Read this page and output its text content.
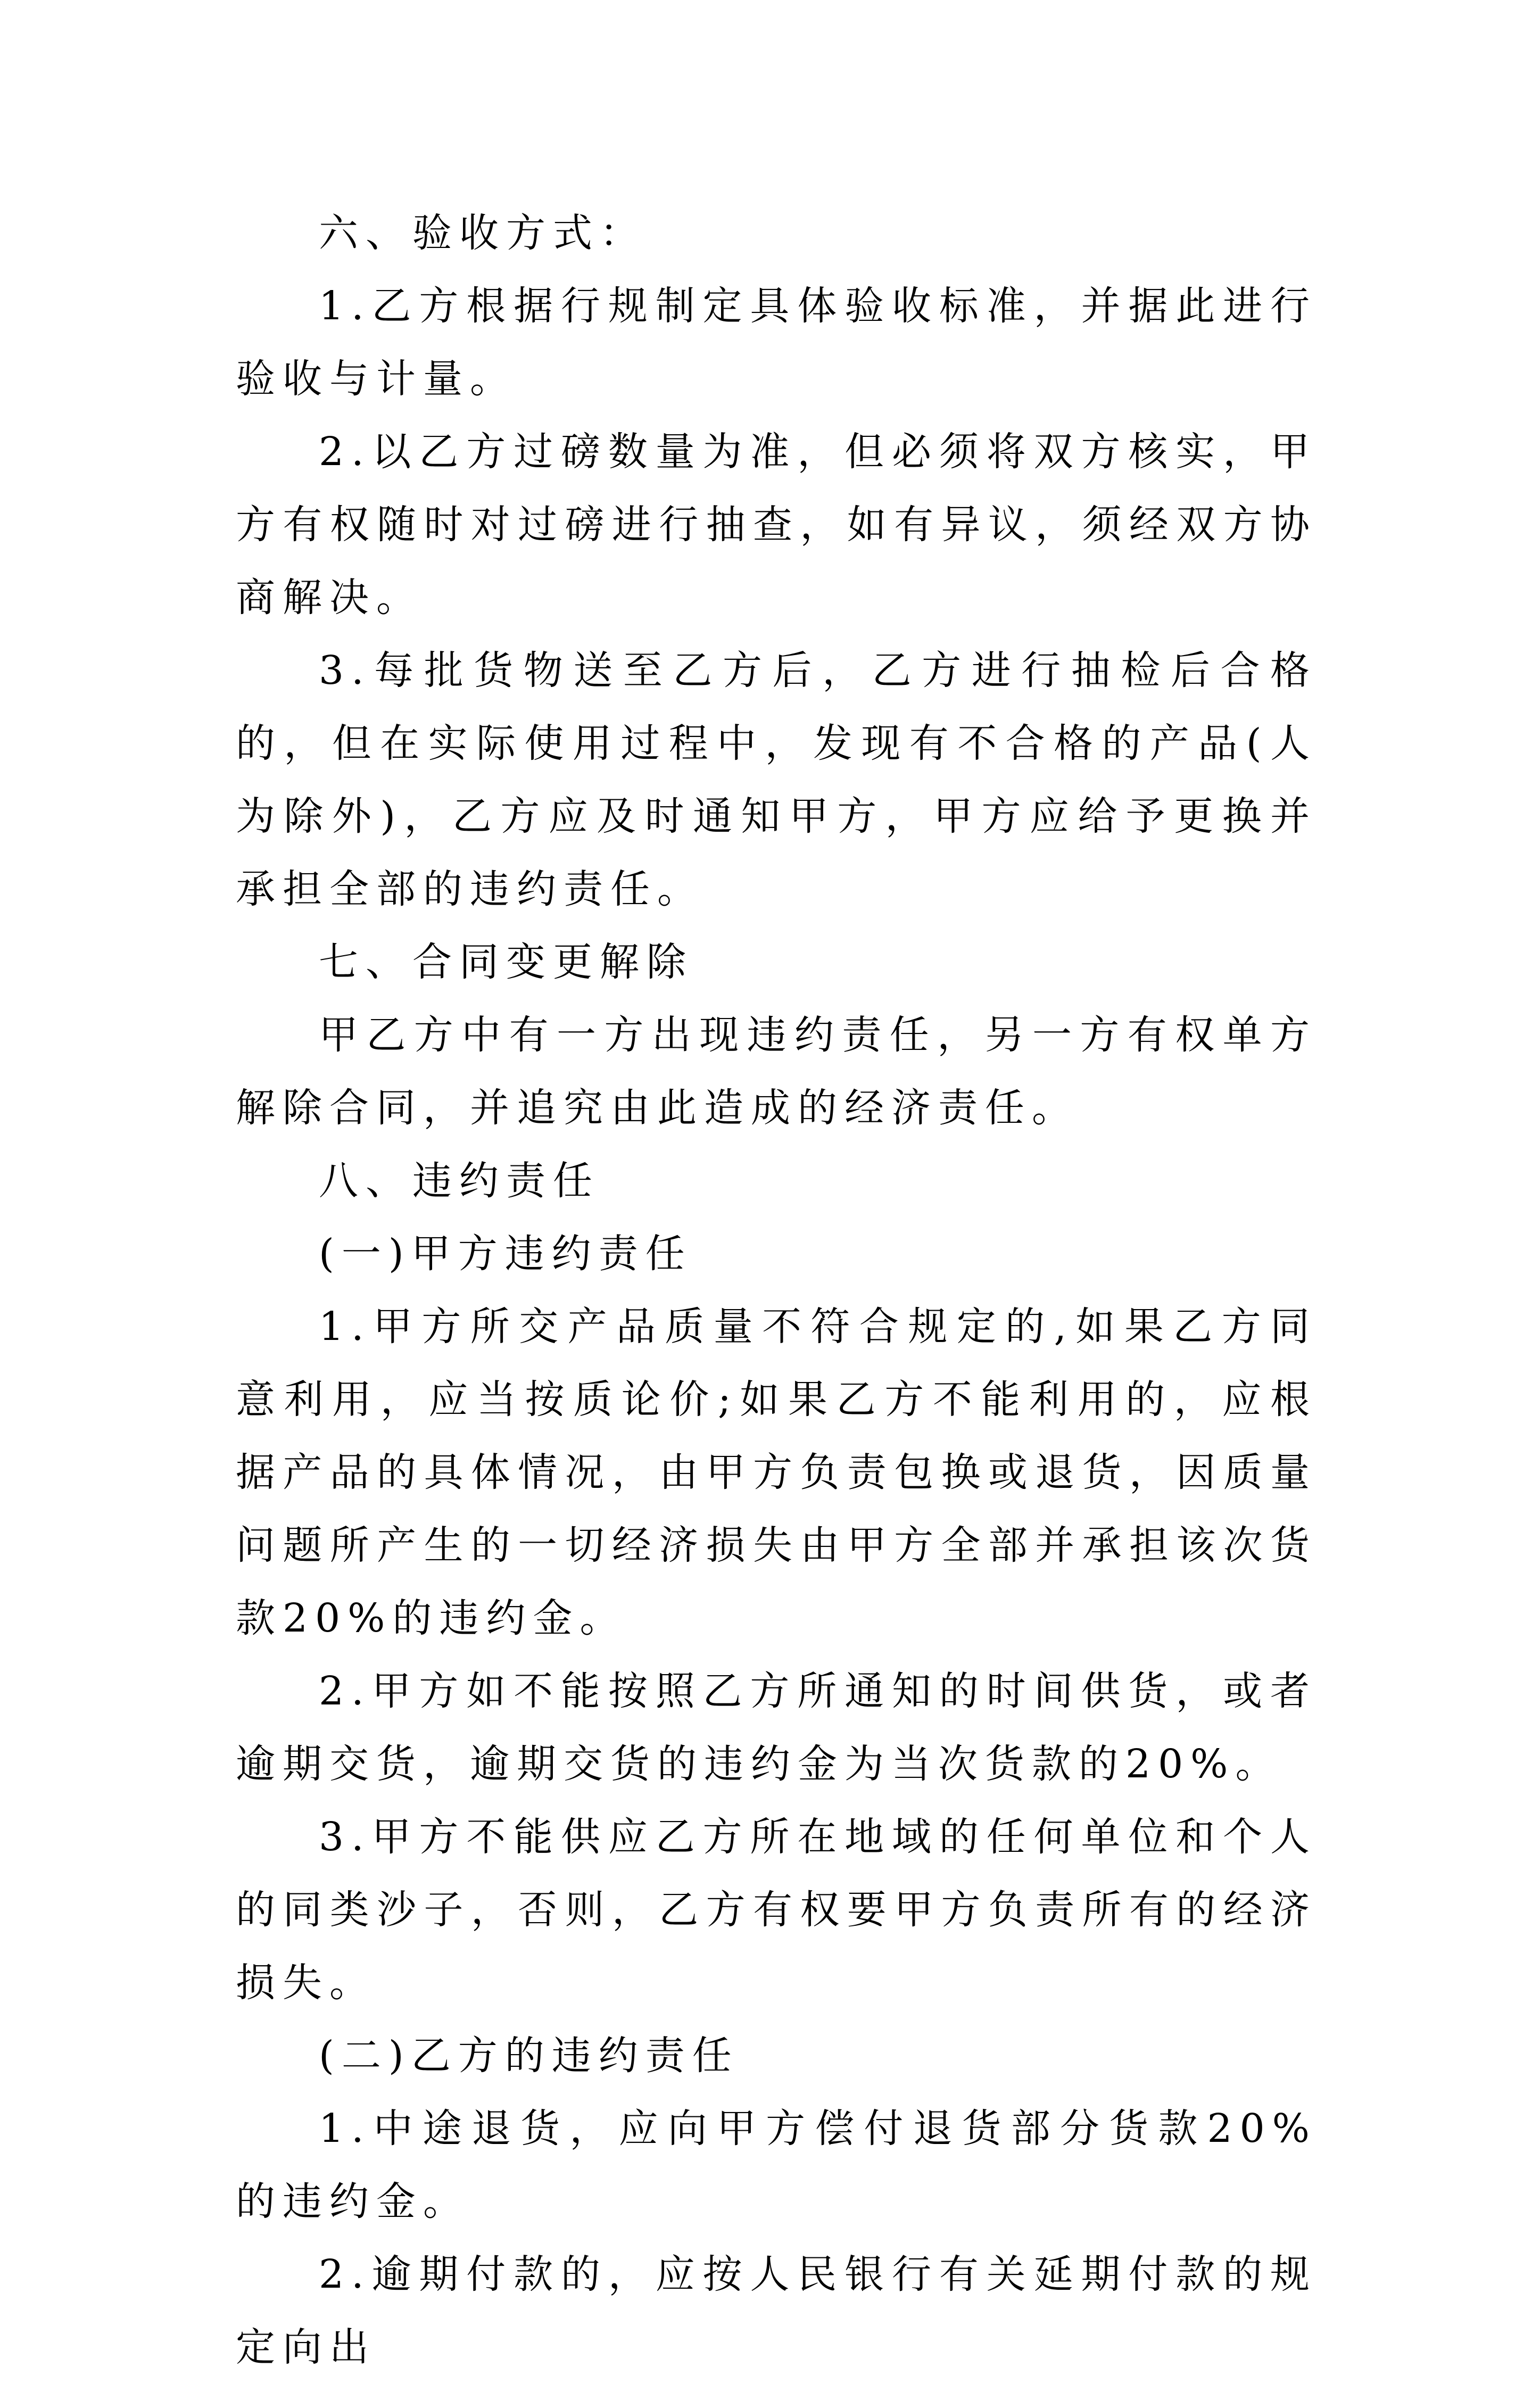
六、验收方式：

1.乙方根据行规制定具体验收标准，并据此进行验收与计量。

2.以乙方过磅数量为准，但必须将双方核实，甲方有权随时对过磅进行抽查，如有异议，须经双方协商解决。

3.每批货物送至乙方后，乙方进行抽检后合格的，但在实际使用过程中，发现有不合格的产品(人为除外)，乙方应及时通知甲方，甲方应给予更换并承担全部的违约责任。

七、合同变更解除

甲乙方中有一方出现违约责任，另一方有权单方解除合同，并追究由此造成的经济责任。

八、违约责任

(一)甲方违约责任

1.甲方所交产品质量不符合规定的,如果乙方同意利用，应当按质论价;如果乙方不能利用的，应根据产品的具体情况，由甲方负责包换或退货，因质量问题所产生的一切经济损失由甲方全部并承担该次货款20%的违约金。

2.甲方如不能按照乙方所通知的时间供货，或者逾期交货，逾期交货的违约金为当次货款的20%。

3.甲方不能供应乙方所在地域的任何单位和个人的同类沙子，否则，乙方有权要甲方负责所有的经济损失。

(二)乙方的违约责任

1.中途退货，应向甲方偿付退货部分货款20%的违约金。

2.逾期付款的，应按人民银行有关延期付款的规定向出
